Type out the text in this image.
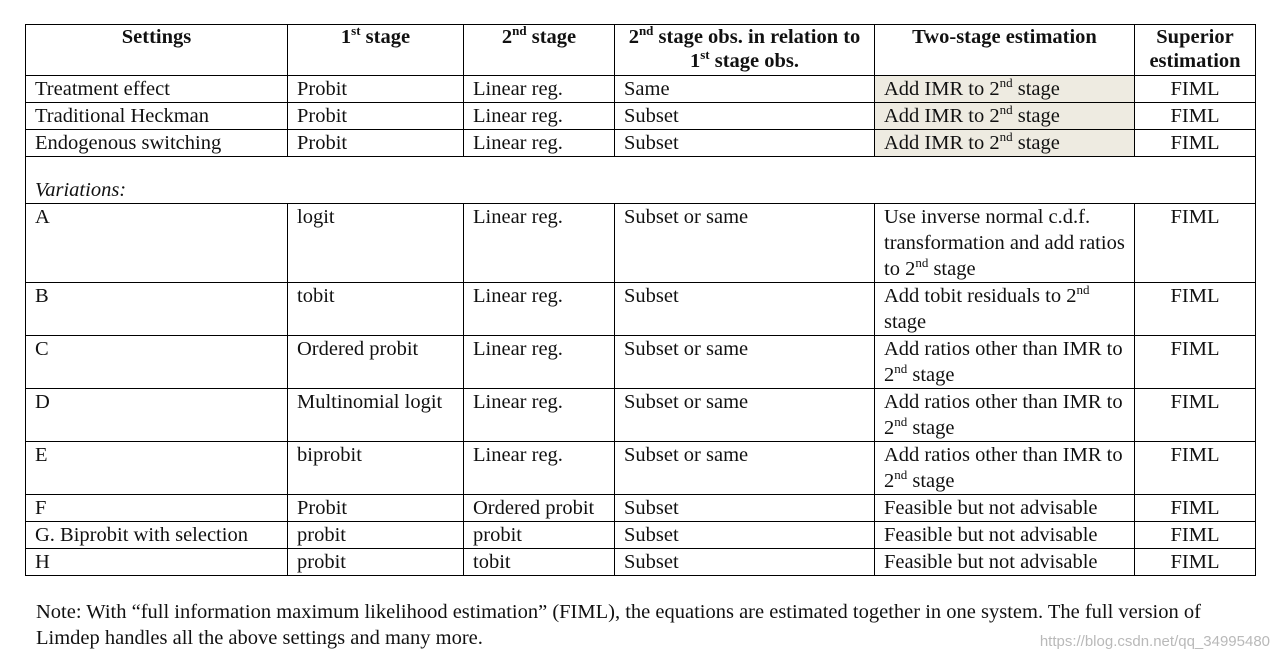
Settings	1st stage	2nd stage	2nd stage obs. in relation to 1st stage obs.	Two-stage estimation	Superior estimation
Treatment effect	Probit	Linear reg.	Same	Add IMR to 2nd stage	FIML
Traditional Heckman	Probit	Linear reg.	Subset	Add IMR to 2nd stage	FIML
Endogenous switching	Probit	Linear reg.	Subset	Add IMR to 2nd stage	FIML
Variations:					
A	logit	Linear reg.	Subset or same	Use inverse normal c.d.f. transformation and add ratios to 2nd stage	FIML
B	tobit	Linear reg.	Subset	Add tobit residuals to 2nd stage	FIML
C	Ordered probit	Linear reg.	Subset or same	Add ratios other than IMR to 2nd stage	FIML
D	Multinomial logit	Linear reg.	Subset or same	Add ratios other than IMR to 2nd stage	FIML
E	biprobit	Linear reg.	Subset or same	Add ratios other than IMR to 2nd stage	FIML
F	Probit	Ordered probit	Subset	Feasible but not advisable	FIML
G. Biprobit with selection	probit	probit	Subset	Feasible but not advisable	FIML
H	probit	tobit	Subset	Feasible but not advisable	FIML
Note: With “full information maximum likelihood estimation” (FIML), the equations are estimated together in one system. The full version of Limdep handles all the above settings and many more.	https://blog.csdn.net/qq_34995480
